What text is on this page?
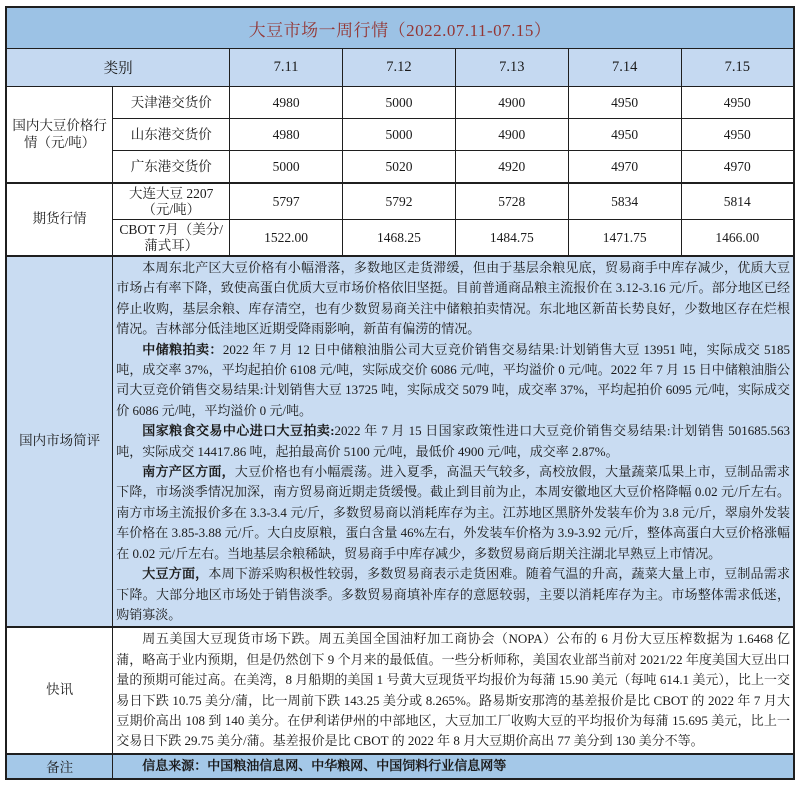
大豆市场一周行情（2022.07.11-07.15）						
类别		7.11	7.12	7.13	7.14	7.15
国内大豆价格行情（元/吨）	天津港交货价	4980	5000	4900	4950	4950
	山东港交货价	4980	5000	4900	4950	4950
	广东港交货价	5000	5020	4920	4970	4970
期货行情	大连大豆 2207（元/吨）	5797	5792	5728	5834	5814
	CBOT 7月（美分/蒲式耳）	1522.00	1468.25	1484.75	1471.75	1466.00
国内市场简评	本周东北产区大豆价格有小幅滑落，多数地区走货滞缓，但由于基层余粮见底，贸易商手中库存减少，优质大豆市场占有率下降，致使高蛋白优质大豆市场价格依旧坚挺。目前普通商品粮主流报价在 3.12-3.16 元/斤。部分地区已经停止收购，基层余粮、库存清空，也有少数贸易商关注中储粮拍卖情况。东北地区新苗长势良好，少数地区存在烂根情况。吉林部分低洼地区近期受降雨影响，新苗有偏涝的情况。

中储粮拍卖：2022 年 7 月 12 日中储粮油脂公司大豆竞价销售交易结果:计划销售大豆 13951 吨，实际成交 5185 吨，成交率 37%，平均起拍价 6108 元/吨，实际成交价 6086 元/吨，平均溢价 0 元/吨。2022 年 7 月 15 日中储粮油脂公司大豆竞价销售交易结果:计划销售大豆 13725 吨，实际成交 5079 吨，成交率 37%，平均起拍价 6095 元/吨，实际成交价 6086 元/吨，平均溢价 0 元/吨。

国家粮食交易中心进口大豆拍卖:2022 年 7 月 15 日国家政策性进口大豆竞价销售交易结果:计划销售 501685.563 吨，实际成交 14417.86 吨，起拍最高价 5100 元/吨，最低价 4900 元/吨，成交率 2.87%。

南方产区方面，大豆价格也有小幅震荡。进入夏季，高温天气较多，高校放假，大量蔬菜瓜果上市，豆制品需求下降，市场淡季情况加深，南方贸易商近期走货缓慢。截止到目前为止，本周安徽地区大豆价格降幅 0.02 元/斤左右。南方市场主流报价多在 3.3-3.4 元/斤，多数贸易商以消耗库存为主。江苏地区黑脐外发装车价为 3.8 元/斤，翠扇外发装车价格在 3.85-3.88 元/斤。大白皮原粮，蛋白含量 46%左右，外发装车价格为 3.9-3.92 元/斤，整体高蛋白大豆价格涨幅在 0.02 元/斤左右。当地基层余粮稀缺，贸易商手中库存减少，多数贸易商后期关注湖北早熟豆上市情况。

大豆方面，本周下游采购积极性较弱，多数贸易商表示走货困难。随着气温的升高，蔬菜大量上市，豆制品需求下降。大部分地区市场处于销售淡季。多数贸易商填补库存的意愿较弱，主要以消耗库存为主。市场整体需求低迷，购销寡淡。					

快讯	周五美国大豆现货市场下跌。周五美国全国油籽加工商协会（NOPA）公布的 6 月份大豆压榨数据为 1.6468 亿蒲，略高于业内预期，但是仍然创下 9 个月来的最低值。一些分析师称，美国农业部当前对 2021/22 年度美国大豆出口量的预期可能过高。在美湾，8 月船期的美国 1 号黄大豆现货平均报价为每蒲 15.90 美元（每吨 614.1 美元），比上一交易日下跌 10.75 美分/蒲，比一周前下跌 143.25 美分或 8.265%。路易斯安那湾的基差报价是比 CBOT 的 2022 年 7 月大豆期价高出 108 到 140 美分。在伊利诺伊州的中部地区，大豆加工厂收购大豆的平均报价为每蒲 15.695 美元，比上一交易日下跌 29.75 美分/蒲。基差报价是比 CBOT 的 2022 年 8 月大豆期价高出 77 美分到 130 美分不等。					

备注	信息来源：中国粮油信息网、中华粮网、中国饲料行业信息网等					
